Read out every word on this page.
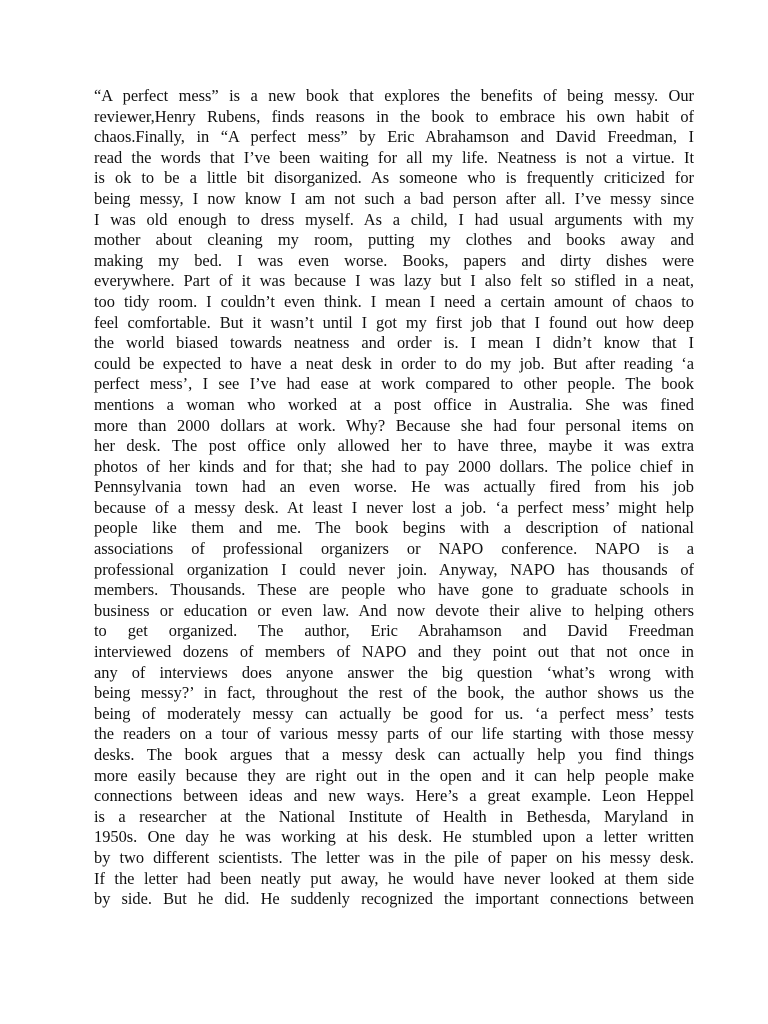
“A perfect mess” is a new book that explores the benefits of being messy. Our
reviewer,Henry Rubens, finds reasons in the book to embrace his own habit of
chaos.Finally, in “A perfect mess” by Eric Abrahamson and David Freedman, I
read the words that I’ve been waiting for all my life. Neatness is not a virtue. It
is ok to be a little bit disorganized. As someone who is frequently criticized for
being messy, I now know I am not such a bad person after all. I’ve messy since
I was old enough to dress myself. As a child, I had usual arguments with my
mother about cleaning my room, putting my clothes and books away and
making my bed. I was even worse. Books, papers and dirty dishes were
everywhere. Part of it was because I was lazy but I also felt so stifled in a neat,
too tidy room. I couldn’t even think. I mean I need a certain amount of chaos to
feel comfortable. But it wasn’t until I got my first job that I found out how deep
the world biased towards neatness and order is. I mean I didn’t know that I
could be expected to have a neat desk in order to do my job. But after reading ‘a
perfect mess’, I see I’ve had ease at work compared to other people. The book
mentions a woman who worked at a post office in Australia. She was fined
more than 2000 dollars at work. Why? Because she had four personal items on
her desk. The post office only allowed her to have three, maybe it was extra
photos of her kinds and for that; she had to pay 2000 dollars. The police chief in
Pennsylvania town had an even worse. He was actually fired from his job
because of a messy desk. At least I never lost a job. ‘a perfect mess’ might help
people like them and me. The book begins with a description of national
associations of professional organizers or NAPO conference. NAPO is a
professional organization I could never join. Anyway, NAPO has thousands of
members. Thousands. These are people who have gone to graduate schools in
business or education or even law. And now devote their alive to helping others
to get organized. The author, Eric Abrahamson and David Freedman
interviewed dozens of members of NAPO and they point out that not once in
any of interviews does anyone answer the big question ‘what’s wrong with
being messy?’ in fact, throughout the rest of the book, the author shows us the
being of moderately messy can actually be good for us. ‘a perfect mess’ tests
the readers on a tour of various messy parts of our life starting with those messy
desks. The book argues that a messy desk can actually help you find things
more easily because they are right out in the open and it can help people make
connections between ideas and new ways. Here’s a great example. Leon Heppel
is a researcher at the National Institute of Health in Bethesda, Maryland in
1950s. One day he was working at his desk. He stumbled upon a letter written
by two different scientists. The letter was in the pile of paper on his messy desk.
If the letter had been neatly put away, he would have never looked at them side
by side. But he did. He suddenly recognized the important connections between
